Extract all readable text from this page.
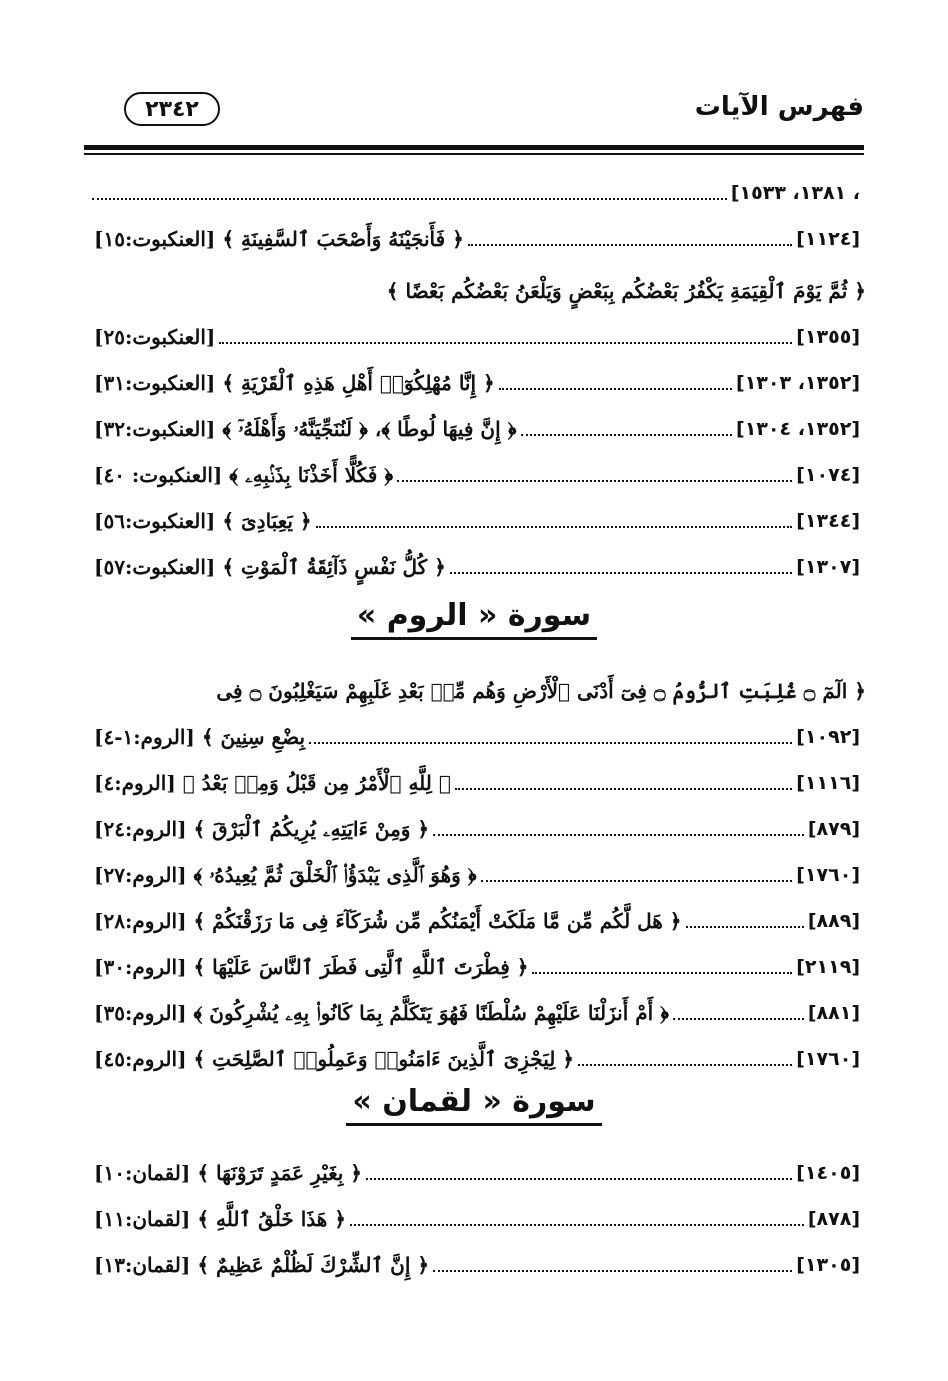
فهرس الآيات
٢٣٤٢
، ١٣٨١، ١٥٣٣]
﴿ فَأَنجَيْنَهُ وَأَصْحَبَ ٱلسَّفِينَةِ ﴾ [العنكبوت:١٥]	[١١٢٤]
﴿ ثُمَّ يَوْمَ ٱلْقِيَمَةِ يَكْفُرُ بَعْضُكُم بِبَعْضٍ وَيَلْعَنُ بَعْضُكُم بَعْضًا ﴾
[العنكبوت:٢٥]	[١٣٥٥]
﴿ إِنَّا مُهْلِكُوٓا۟ أَهْلِ هَذِهِ ٱلْقَرْيَةِ ﴾ [العنكبوت:٣١]	[١٣٥٢، ١٣٠٣]
﴿ إِنَّ فِيهَا لُوطًا ﴾، ﴿ لَنُنَجِّيَنَّهُۥ وَأَهْلَهُۥٓ ﴾ [العنكبوت:٣٢]	[١٣٥٢، ١٣٠٤]
﴿ فَكُلًّا أَخَذْنَا بِذَنۢبِهِۦ ﴾ [العنكبوت: ٤٠]	[١٠٧٤]
﴿ يَعِبَادِىَ ﴾ [العنكبوت:٥٦]	[١٣٤٤]
﴿ كُلُّ نَفْسٍ ذَآئِقَةُ ٱلْمَوْتِ ﴾ [العنكبوت:٥٧]	[١٣٠٧]
سورة « الروم »
﴿ الٓمٓ ۝ غُلِبَتِ ٱلرُّومُ ۝ فِىٓ أَدْنَى ٱلْأَرْضِ وَهُم مِّنۢ بَعْدِ غَلَبِهِمْ سَيَغْلِبُونَ ۝ فِى
بِضْعِ سِنِينَ ﴾ [الروم:١-٤]	[١٠٩٢]
﴿ لِلَّهِ ٱلْأَمْرُ مِن قَبْلُ وَمِنۢ بَعْدُ ﴾ [الروم:٤]	[١١١٦]
﴿ وَمِنْ ءَايَتِهِۦ يُرِيكُمُ ٱلْبَرْقَ ﴾ [الروم:٢٤]	[٨٧٩]
﴿ وَهُوَ ٱلَّذِى يَبْدَؤُا۟ ٱلْخَلْقَ ثُمَّ يُعِيدُهُۥ ﴾ [الروم:٢٧]	[١٧٦٠]
﴿ هَل لَّكُم مِّن مَّا مَلَكَتْ أَيْمَنُكُم مِّن شُرَكَآءَ فِى مَا رَزَقْنَكُمْ ﴾ [الروم:٢٨]	[٨٨٩]
﴿ فِطْرَتَ ٱللَّهِ ٱلَّتِى فَطَرَ ٱلنَّاسَ عَلَيْهَا ﴾ [الروم:٣٠]	[٢١١٩]
﴿ أَمْ أَنزَلْنَا عَلَيْهِمْ سُلْطَنًا فَهُوَ يَتَكَلَّمُ بِمَا كَانُوا۟ بِهِۦ يُشْرِكُونَ ﴾ [الروم:٣٥]	[٨٨١]
﴿ لِيَجْزِىَ ٱلَّذِينَ ءَامَنُوا۟ وَعَمِلُوا۟ ٱلصَّلِحَتِ ﴾ [الروم:٤٥]	[١٧٦٠]
سورة « لقمان »
﴿ بِغَيْرِ عَمَدٍ تَرَوْنَهَا ﴾ [لقمان:١٠]	[١٤٠٥]
﴿ هَذَا خَلْقُ ٱللَّهِ ﴾ [لقمان:١١]	[٨٧٨]
﴿ إِنَّ ٱلشِّرْكَ لَظُلْمٌ عَظِيمٌ ﴾ [لقمان:١٣]	[١٣٠٥]
